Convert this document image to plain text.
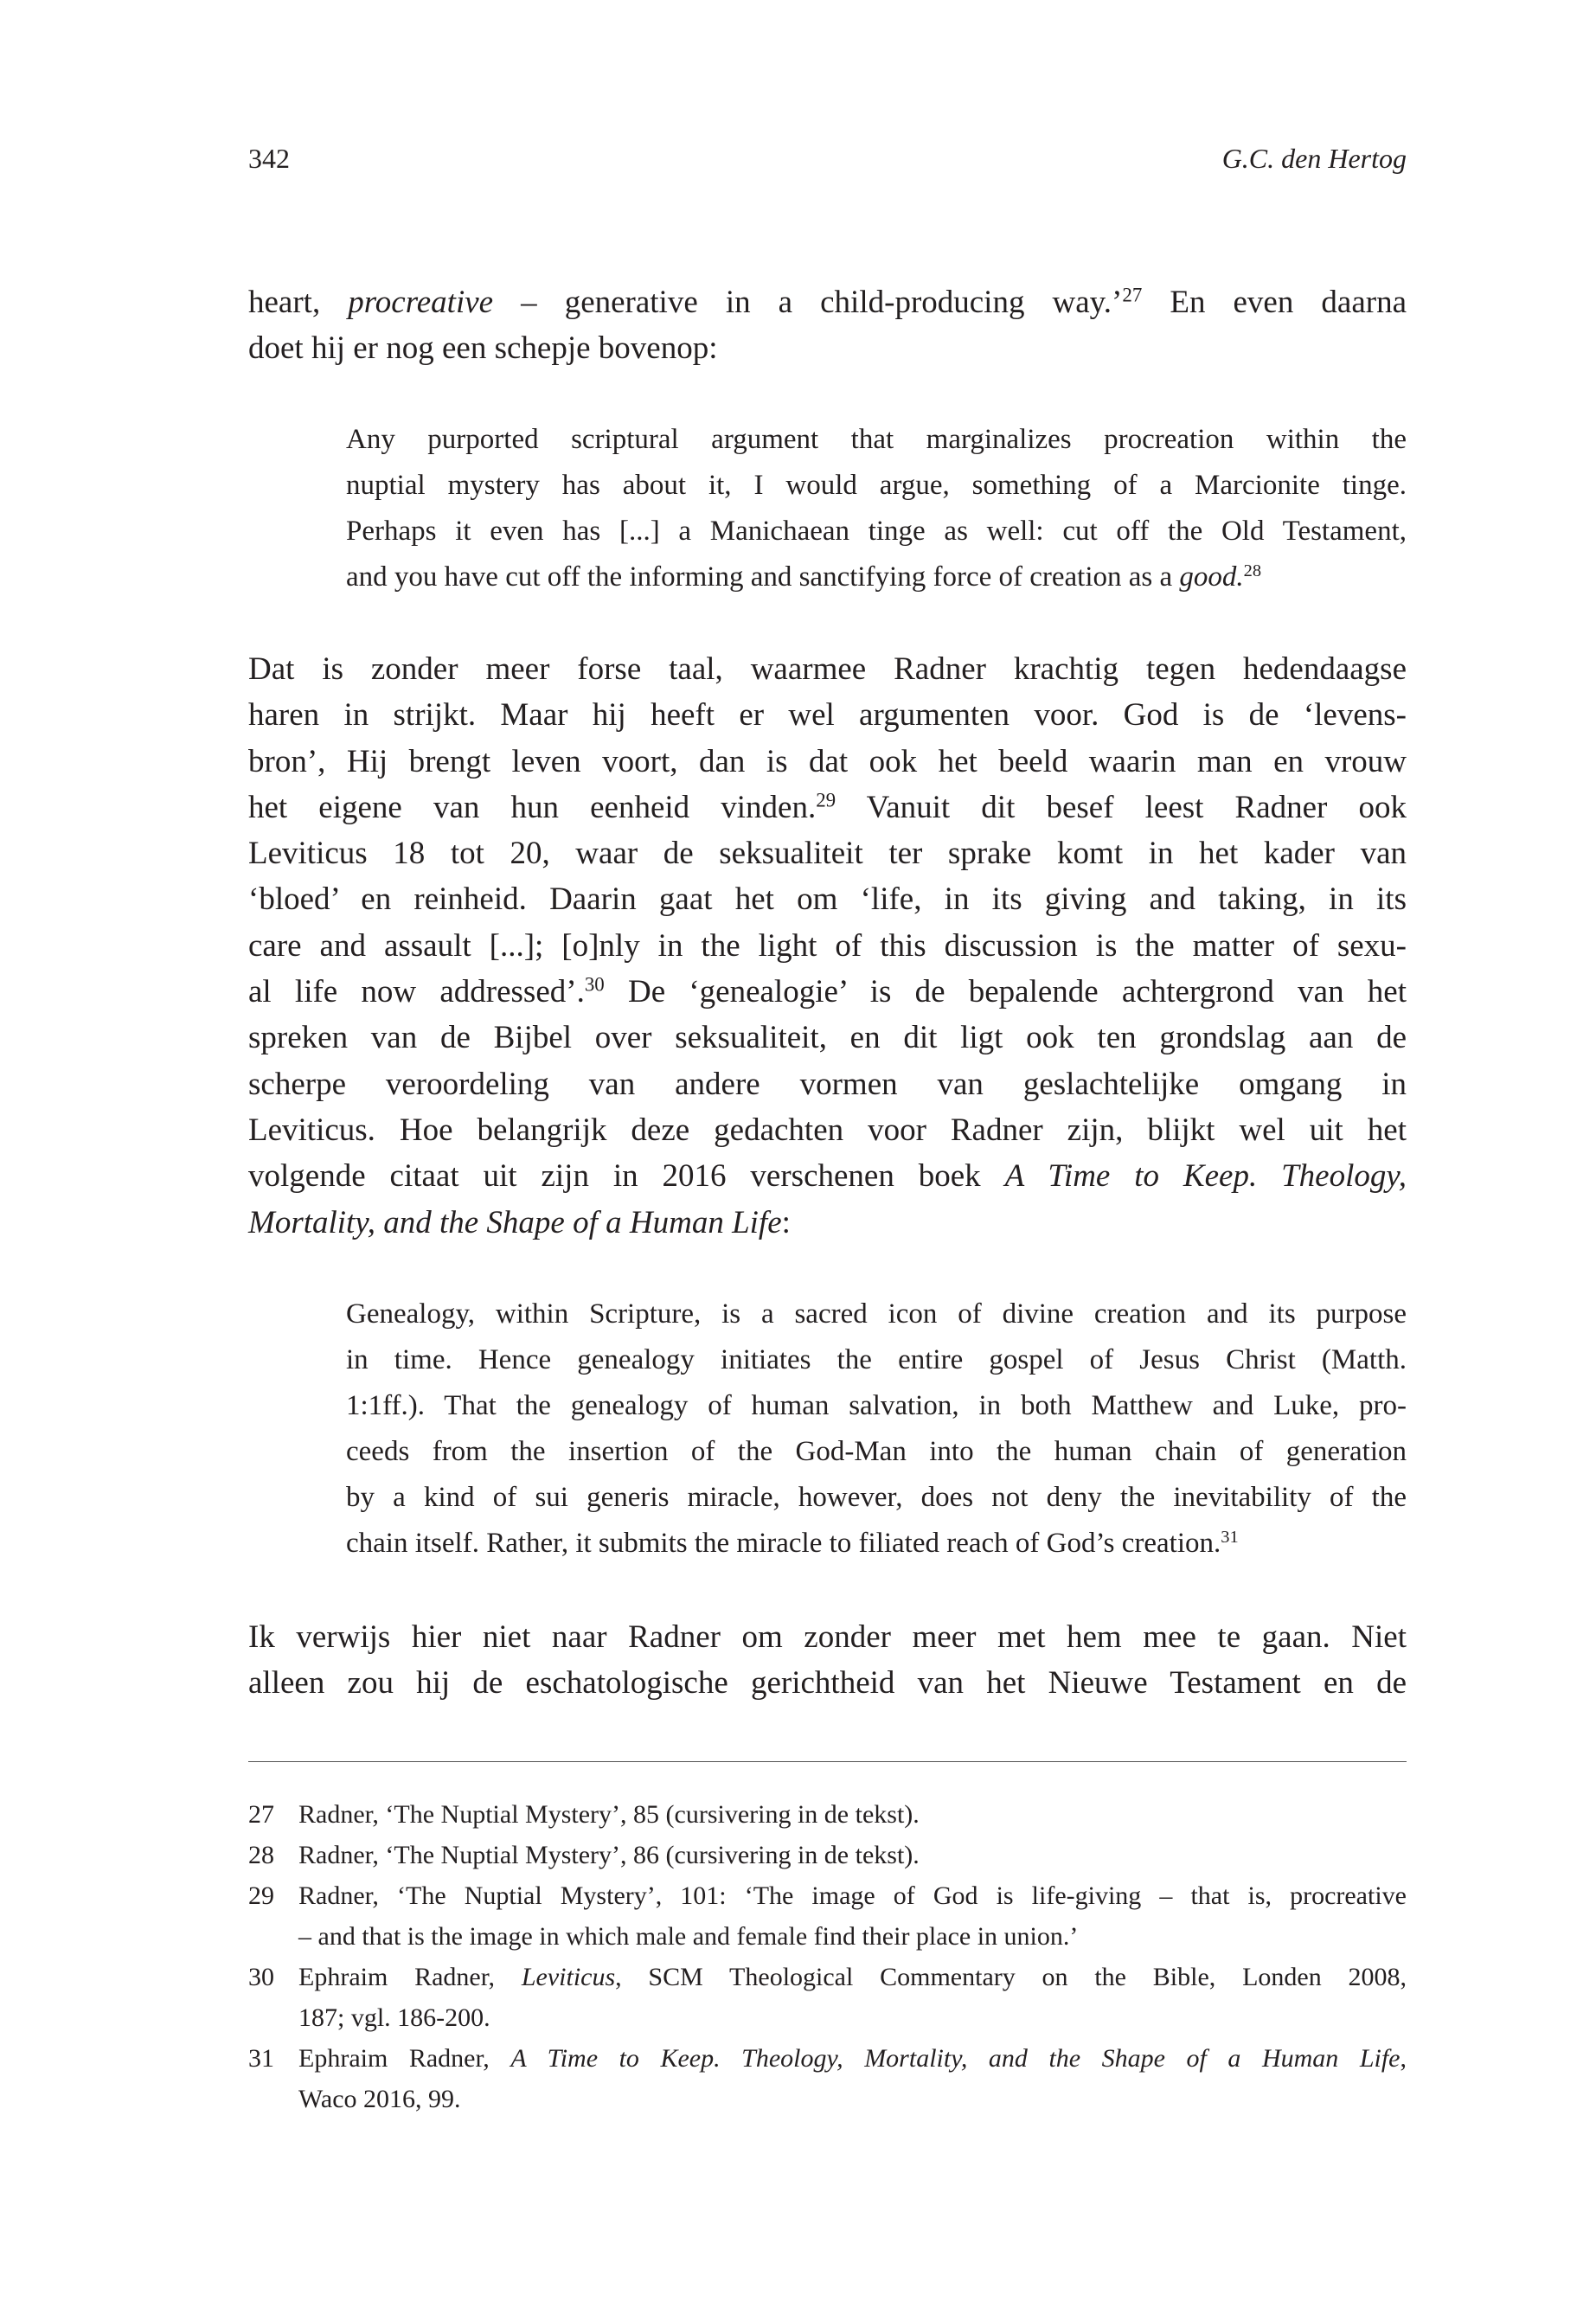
342	G.C. den Hertog
heart, procreative – generative in a child-producing way.’$^{27}$ En even daarna
doet hij er nog een schepje bovenop:
Any purported scriptural argument that marginalizes procreation within the
nuptial mystery has about it, I would argue, something of a Marcionite tinge.
Perhaps it even has [...] a Manichaean tinge as well: cut off the Old Testament,
and you have cut off the informing and sanctifying force of creation as a good.$^{28}$
Dat is zonder meer forse taal, waarmee Radner krachtig tegen hedendaagse
haren in strijkt. Maar hij heeft er wel argumenten voor. God is de ‘levens-
bron’, Hij brengt leven voort, dan is dat ook het beeld waarin man en vrouw
het eigene van hun eenheid vinden.$^{29}$ Vanuit dit besef leest Radner ook
Leviticus 18 tot 20, waar de seksualiteit ter sprake komt in het kader van
‘bloed’ en reinheid. Daarin gaat het om ‘life, in its giving and taking, in its
care and assault [...]; [o]nly in the light of this discussion is the matter of sexu-
al life now addressed’.$^{30}$ De ‘genealogie’ is de bepalende achtergrond van het
spreken van de Bijbel over seksualiteit, en dit ligt ook ten grondslag aan de
scherpe veroordeling van andere vormen van geslachtelijke omgang in
Leviticus. Hoe belangrijk deze gedachten voor Radner zijn, blijkt wel uit het
volgende citaat uit zijn in 2016 verschenen boek A Time to Keep. Theology,
Mortality, and the Shape of a Human Life:
Genealogy, within Scripture, is a sacred icon of divine creation and its purpose
in time. Hence genealogy initiates the entire gospel of Jesus Christ (Matth.
1:1ff.). That the genealogy of human salvation, in both Matthew and Luke, pro-
ceeds from the insertion of the God-Man into the human chain of generation
by a kind of sui generis miracle, however, does not deny the inevitability of the
chain itself. Rather, it submits the miracle to filiated reach of God’s creation.$^{31}$
Ik verwijs hier niet naar Radner om zonder meer met hem mee te gaan. Niet
alleen zou hij de eschatologische gerichtheid van het Nieuwe Testament en de
27 Radner, ‘The Nuptial Mystery’, 85 (cursivering in de tekst).
28 Radner, ‘The Nuptial Mystery’, 86 (cursivering in de tekst).
29 Radner, ‘The Nuptial Mystery’, 101: ‘The image of God is life-giving – that is, procreative
– and that is the image in which male and female find their place in union.’
30 Ephraim Radner, Leviticus, SCM Theological Commentary on the Bible, Londen 2008,
187; vgl. 186-200.
31 Ephraim Radner, A Time to Keep. Theology, Mortality, and the Shape of a Human Life,
Waco 2016, 99.
